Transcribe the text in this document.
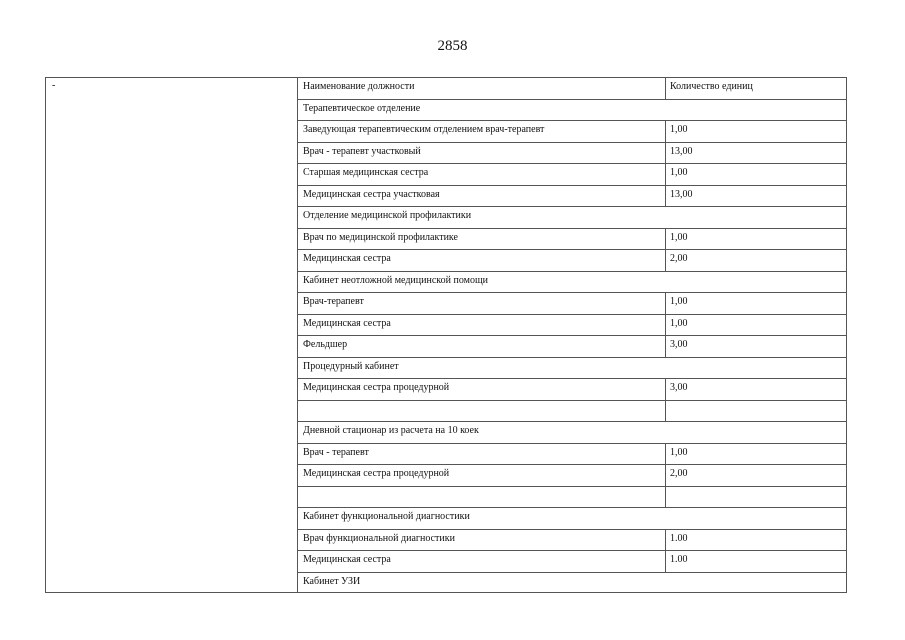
2858
-	Наименование должности	Количество единиц
Терапевтическое отделение
Заведующая терапевтическим отделением врач-терапевт	1,00
Врач - терапевт участковый	13,00
Старшая медицинская сестра	1,00
Медицинская сестра участковая	13,00
Отделение медицинской профилактики
Врач по медицинской профилактике	1,00
Медицинская сестра	2,00
Кабинет неотложной медицинской помощи
Врач-терапевт	1,00
Медицинская сестра	1,00
Фельдшер	3,00
Процедурный кабинет
Медицинская сестра процедурной	3,00
Дневной стационар из расчета на 10 коек
Врач - терапевт	1,00
Медицинская сестра процедурной	2,00
Кабинет функциональной диагностики
Врач функциональной диагностики	1.00
Медицинская сестра	1.00
Кабинет УЗИ
